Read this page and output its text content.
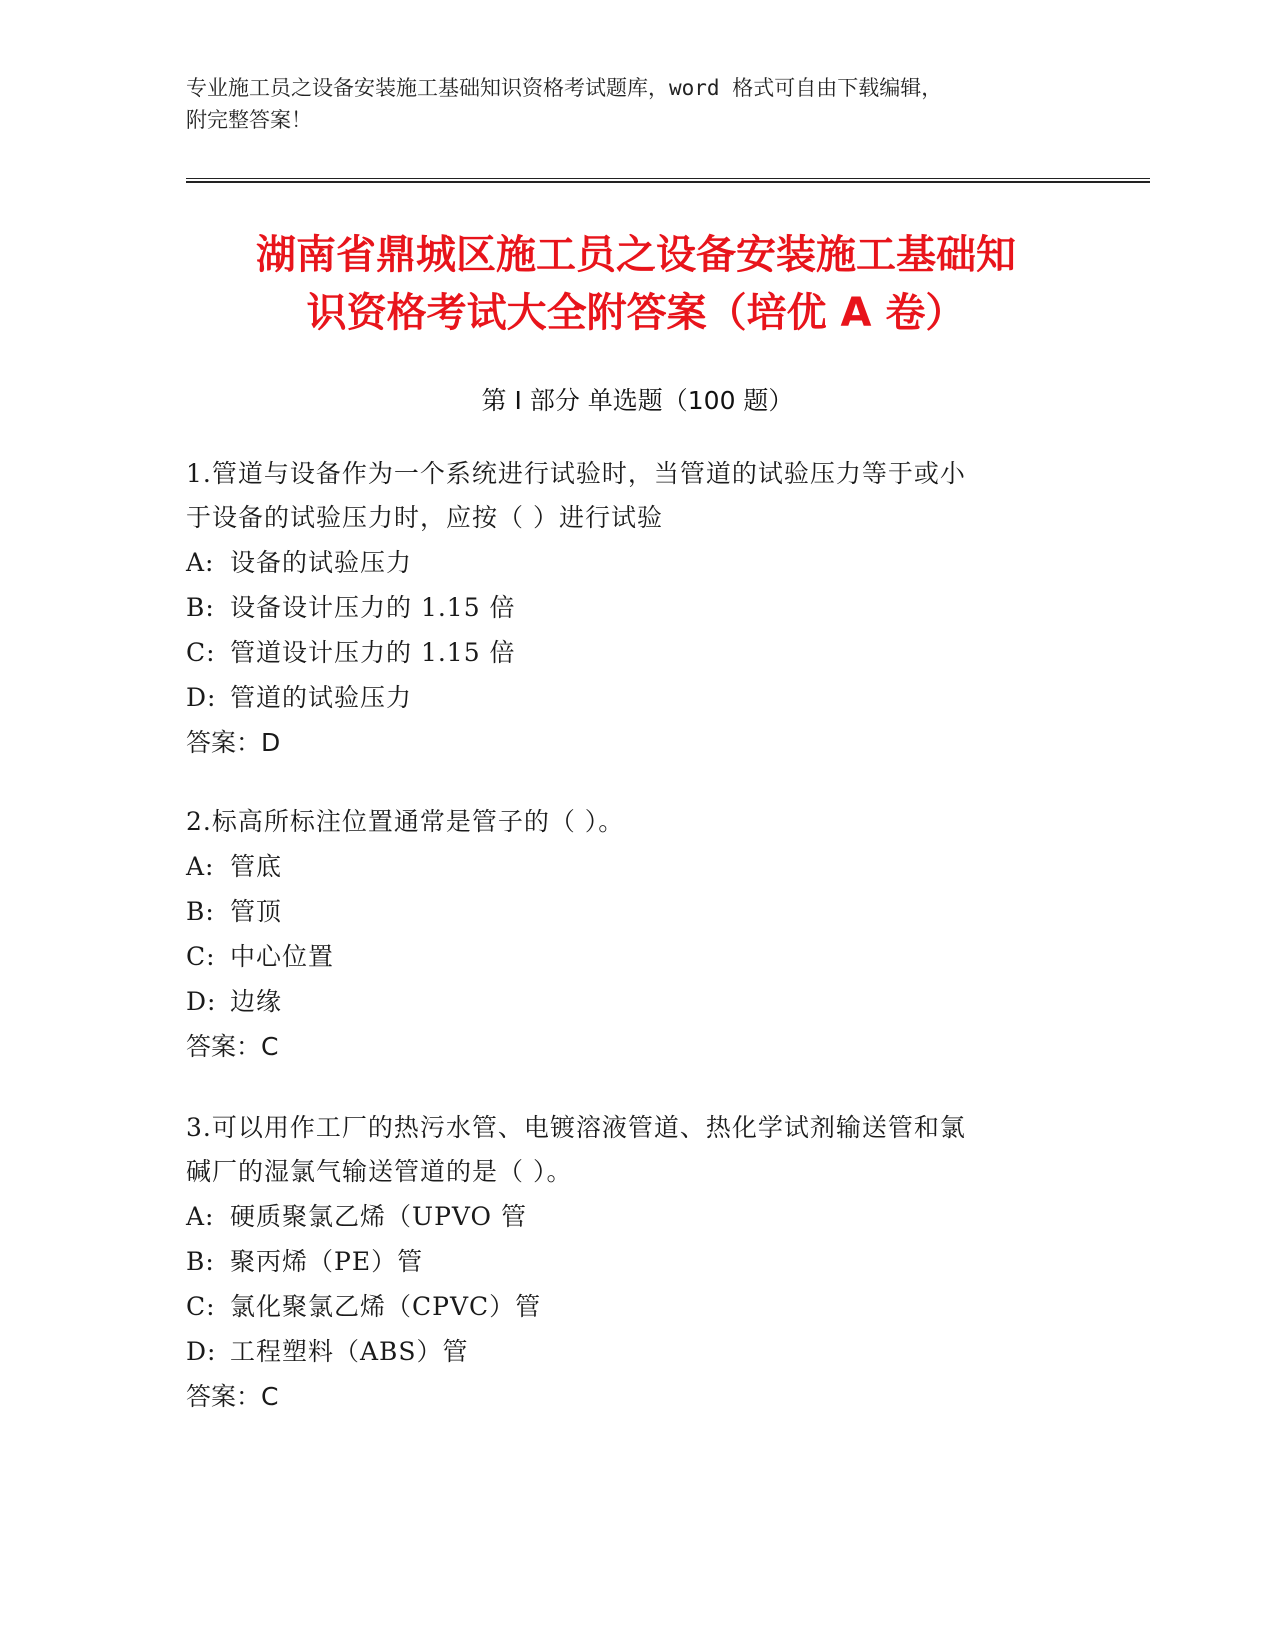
专业施工员之设备安装施工基础知识资格考试题库，word 格式可自由下载编辑，
附完整答案！
湖南省鼎城区施工员之设备安装施工基础知
识资格考试大全附答案（培优 A 卷）
第 I 部分 单选题（100 题）

1.管道与设备作为一个系统进行试验时，当管道的试验压力等于或小
于设备的试验压力时，应按（ ）进行试验

A: 设备的试验压力

B: 设备设计压力的 1.15 倍

C: 管道设计压力的 1.15 倍

D: 管道的试验压力

答案：D

2.标高所标注位置通常是管子的（ ）。

A: 管底

B: 管顶

C: 中心位置

D: 边缘

答案：C

3.可以用作工厂的热污水管、电镀溶液管道、热化学试剂输送管和氯
碱厂的湿氯气输送管道的是（ ）。

A: 硬质聚氯乙烯（UPVO 管

B: 聚丙烯（PE）管

C: 氯化聚氯乙烯（CPVC）管

D: 工程塑料（ABS）管

答案：C
